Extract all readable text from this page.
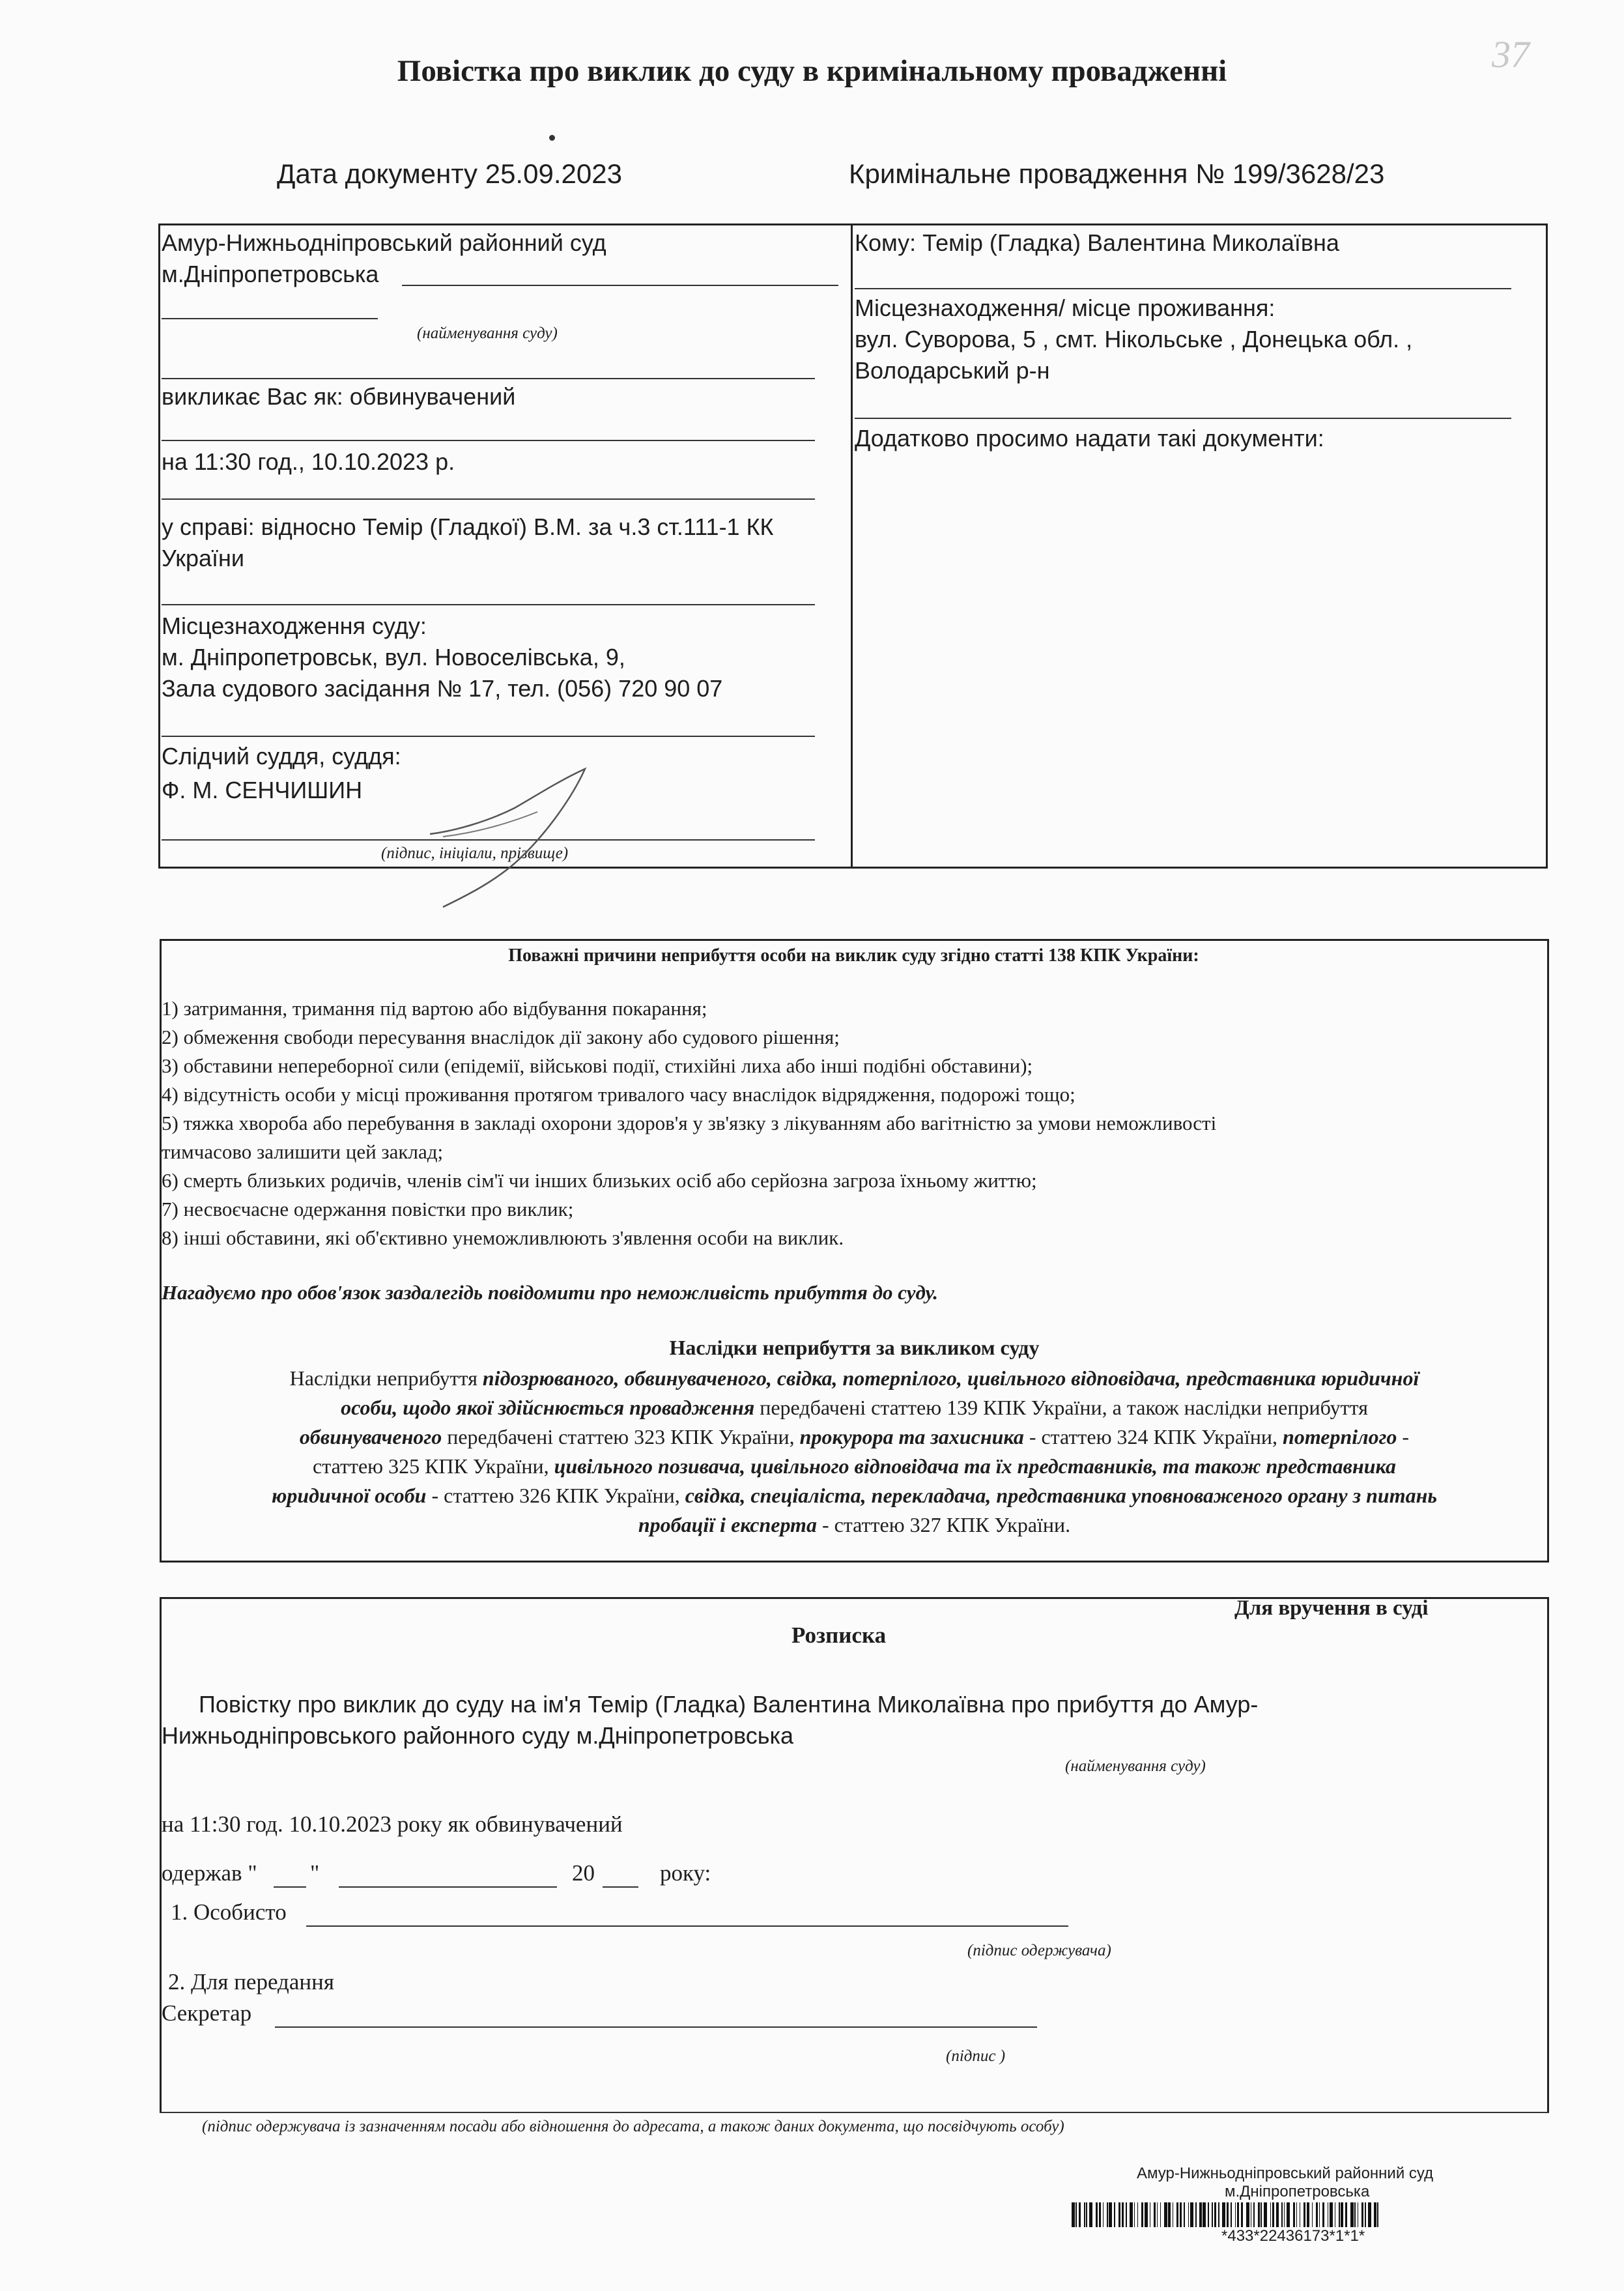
Повістка про виклик до суду в кримінальному провадженні	37
Дата документу 25.09.2023	Кримінальне провадження № 199/3628/23
Амур-Нижньодніпровський районний суд
м.Дніпропетровська
(найменування суду)
викликає Вас як: обвинувачений
на 11:30 год., 10.10.2023 р.
у справі: відносно Темір (Гладкої) В.М. за ч.3 ст.111-1 КК
України
Місцезнаходження суду:
м. Дніпропетровськ, вул. Новоселівська, 9,
Зала судового засідання № 17, тел. (056) 720 90 07
Слідчий суддя, суддя:
Ф. М. СЕНЧИШИН
(підпис, ініціали, прізвище)
Кому: Темір (Гладка) Валентина Миколаївна
Місцезнаходження/ місце проживання:
вул. Суворова, 5 , смт. Нікольське , Донецька обл. ,
Володарський р-н
Додатково просимо надати такі документи:
Поважні причини неприбуття особи на виклик суду згідно статті 138 КПК України:
1) затримання, тримання під вартою або відбування покарання;
2) обмеження свободи пересування внаслідок дії закону або судового рішення;
3) обставини непереборної сили (епідемії, військові події, стихійні лиха або інші подібні обставини);
4) відсутність особи у місці проживання протягом тривалого часу внаслідок відрядження, подорожі тощо;
5) тяжка хвороба або перебування в закладі охорони здоров'я у зв'язку з лікуванням або вагітністю за умови неможливості
тимчасово залишити цей заклад;
6) смерть близьких родичів, членів сім'ї чи інших близьких осіб або серйозна загроза їхньому життю;
7) несвоєчасне одержання повістки про виклик;
8) інші обставини, які об'єктивно унеможливлюють з'явлення особи на виклик.
Нагадуємо про обов'язок заздалегідь повідомити про неможливість прибуття до суду.
Наслідки неприбуття за викликом суду
Наслідки неприбуття підозрюваного, обвинуваченого, свідка, потерпілого, цивільного відповідача, представника юридичної
особи, щодо якої здійснюється провадження передбачені статтею 139 КПК України, а також наслідки неприбуття
обвинуваченого передбачені статтею 323 КПК України, прокурора та захисника - статтею 324 КПК України, потерпілого -
статтею 325 КПК України, цивільного позивача, цивільного відповідача та їх представників, та також представника
юридичної особи - статтею 326 КПК України, свідка, спеціаліста, перекладача, представника уповноваженого органу з питань
пробації і експерта - статтею 327 КПК України.
Для вручення в суді
Розписка
Повістку про виклик до суду на ім'я Темір (Гладка) Валентина Миколаївна про прибуття до Амур-
Нижньодніпровського районного суду м.Дніпропетровська
(найменування суду)
на 11:30 год. 10.10.2023 року як обвинувачений
одержав " "	20	року:
1. Особисто
(підпис одержувача)
2. Для передання
Секретар
(підпис )
(підпис одержувача із зазначенням посади або відношення до адресата, а також даних документа, що посвідчують особу)
Амур-Нижньодніпровський районний суд
м.Дніпропетровська
*433*22436173*1*1*
